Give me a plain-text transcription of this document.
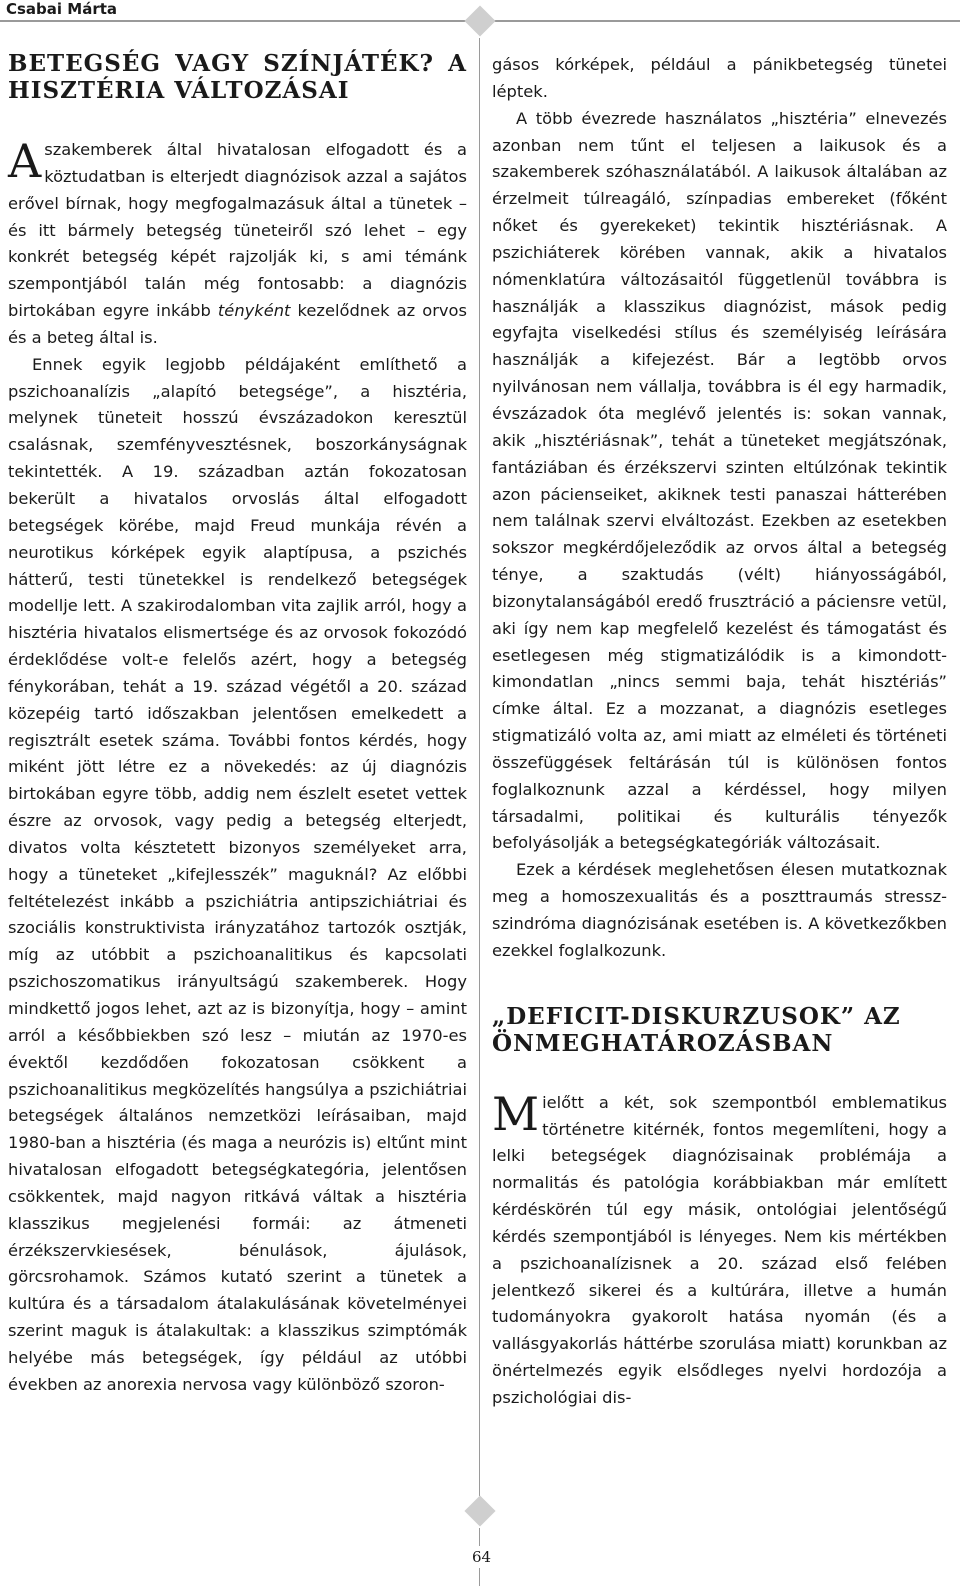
Csabai Márta
64
BETEGSÉG VAGY SZÍNJÁTÉK? A HISZTÉRIA VÁLTOZÁSAI

A szakemberek által hivatalosan elfogadott és a köztudatban is elterjedt diagnózisok azzal a sajátos erővel bírnak, hogy megfogalmazásuk által a tünetek – és itt bármely betegség tüneteiről szó lehet – egy konkrét betegség képét rajzolják ki, s ami témánk szempontjából talán még fontosabb: a diagnózis birtokában egyre inkább tényként kezelődnek az orvos és a beteg által is.

Ennek egyik legjobb példájaként említhető a pszichoanalízis „alapító betegsége”, a hisztéria, melynek tüneteit hosszú évszázadokon keresztül csalásnak, szemfényvesztésnek, boszorkányságnak tekintették. A 19. században aztán fokozatosan bekerült a hivatalos orvoslás által elfogadott betegségek körébe, majd Freud munkája révén a neurotikus kórképek egyik alaptípusa, a pszichés hátterű, testi tünetekkel is rendelkező betegségek modellje lett. A szakirodalomban vita zajlik arról, hogy a hisztéria hivatalos elismertsége és az orvosok fokozódó érdeklődése volt-e felelős azért, hogy a betegség fénykorában, tehát a 19. század végétől a 20. század közepéig tartó időszakban jelentősen emelkedett a regisztrált esetek száma. További fontos kérdés, hogy miként jött létre ez a növekedés: az új diagnózis birtokában egyre több, addig nem észlelt esetet vettek észre az orvosok, vagy pedig a betegség elterjedt, divatos volta késztetett bizonyos személyeket arra, hogy a tüneteket „kifejlesszék” maguknál? Az előbbi feltételezést inkább a pszichiátria antipszichiátriai és szociális konstruktivista irányzatához tartozók osztják, míg az utóbbit a pszichoanalitikus és kapcsolati pszichoszomatikus irányultságú szakemberek. Hogy mindkettő jogos lehet, azt az is bizonyítja, hogy – amint arról a későbbiekben szó lesz – miután az 1970-es évektől kezdődően fokozatosan csökkent a pszichoanalitikus megközelítés hangsúlya a pszichiátriai betegségek általános nemzetközi leírásaiban, majd 1980-ban a hisztéria (és maga a neurózis is) eltűnt mint hivatalosan elfogadott betegségkategória, jelentősen csökkentek, majd nagyon ritkává váltak a hisztéria klasszikus megjelenési formái: az átmeneti érzékszervkiesések, bénulások, ájulások, görcsrohamok. Számos kutató szerint a tünetek a kultúra és a társadalom átalakulásának követelményei szerint maguk is átalakultak: a klasszikus szimptómák helyébe más betegségek, így például az utóbbi években az anorexia nervosa vagy különböző szoron-

gásos kórképek, például a pánikbetegség tünetei léptek.

A több évezrede használatos „hisztéria” elnevezés azonban nem tűnt el teljesen a laikusok és a szakemberek szóhasználatából. A laikusok általában az érzelmeit túlreagáló, színpadias embereket (főként nőket és gyerekeket) tekintik hisztériásnak. A pszichiáterek körében vannak, akik a hivatalos nómenklatúra változásaitól függetlenül továbbra is használják a klasszikus diagnózist, mások pedig egyfajta viselkedési stílus és személyiség leírására használják a kifejezést. Bár a legtöbb orvos nyilvánosan nem vállalja, továbbra is él egy harmadik, évszázadok óta meglévő jelentés is: sokan vannak, akik „hisztériásnak”, tehát a tüneteket megjátszónak, fantáziában és érzékszervi szinten eltúlzónak tekintik azon pácienseiket, akiknek testi panaszai hátterében nem találnak szervi elváltozást. Ezekben az esetekben sokszor megkérdőjeleződik az orvos által a betegség ténye, a szaktudás (vélt) hiányosságából, bizonytalanságából eredő frusztráció a páciensre vetül, aki így nem kap megfelelő kezelést és támogatást és esetlegesen még stigmatizálódik is a kimondott-kimondatlan „nincs semmi baja, tehát hisztériás” címke által. Ez a mozzanat, a diagnózis esetleges stigmatizáló volta az, ami miatt az elméleti és történeti összefüggések feltárásán túl is különösen fontos foglalkoznunk azzal a kérdéssel, hogy milyen társadalmi, politikai és kulturális tényezők befolyásolják a betegségkategóriák változásait.

Ezek a kérdések meglehetősen élesen mutatkoznak meg a homoszexualitás és a poszttraumás stressz-szindróma diagnózisának esetében is. A következőkben ezekkel foglalkozunk.

„DEFICIT-DISKURZUSOK” AZ ÖNMEGHATÁROZÁSBAN

Mielőtt a két, sok szempontból emblematikus történetre kitérnék, fontos megemlíteni, hogy a lelki betegségek diagnózisainak problémája a normalitás és patológia korábbiakban már említett kérdéskörén túl egy másik, ontológiai jelentőségű kérdés szempontjából is lényeges. Nem kis mértékben a pszichoanalízisnek a 20. század első felében jelentkező sikerei és a kultúrára, illetve a humán tudományokra gyakorolt hatása nyomán (és a vallásgyakorlás háttérbe szorulása miatt) korunkban az önértelmezés egyik elsődleges nyelvi hordozója a pszichológiai dis-
